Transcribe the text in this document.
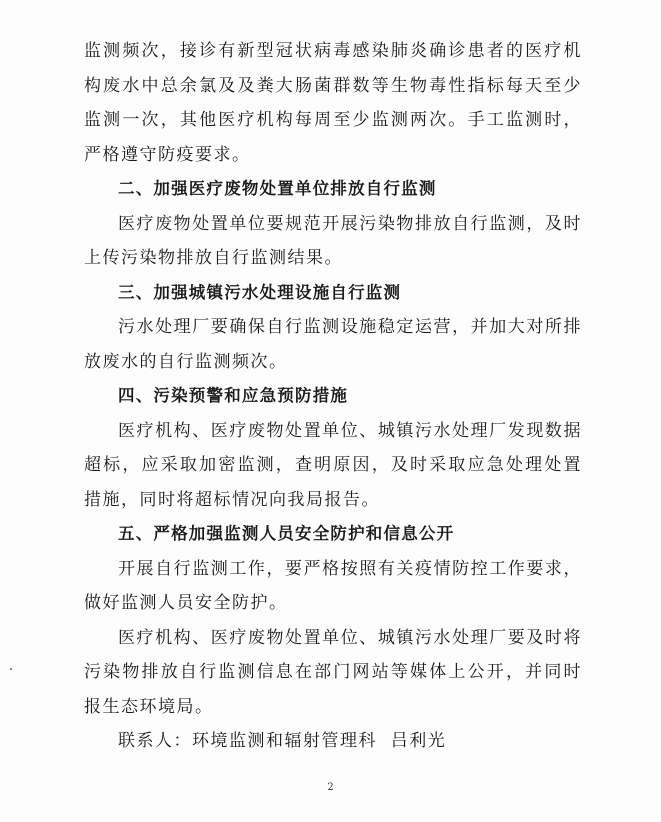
监测频次，接诊有新型冠状病毒感染肺炎确诊患者的医疗机构废水中总余氯及及粪大肠菌群数等生物毒性指标每天至少监测一次，其他医疗机构每周至少监测两次。手工监测时，严格遵守防疫要求。

二、加强医疗废物处置单位排放自行监测

医疗废物处置单位要规范开展污染物排放自行监测，及时上传污染物排放自行监测结果。

三、加强城镇污水处理设施自行监测

污水处理厂要确保自行监测设施稳定运营，并加大对所排放废水的自行监测频次。

四、污染预警和应急预防措施

医疗机构、医疗废物处置单位、城镇污水处理厂发现数据超标，应采取加密监测，查明原因，及时采取应急处理处置措施，同时将超标情况向我局报告。

五、严格加强监测人员安全防护和信息公开

开展自行监测工作，要严格按照有关疫情防控工作要求，做好监测人员安全防护。

医疗机构、医疗废物处置单位、城镇污水处理厂要及时将污染物排放自行监测信息在部门网站等媒体上公开，并同时报生态环境局。

联系人：环境监测和辐射管理科  吕利光

2
